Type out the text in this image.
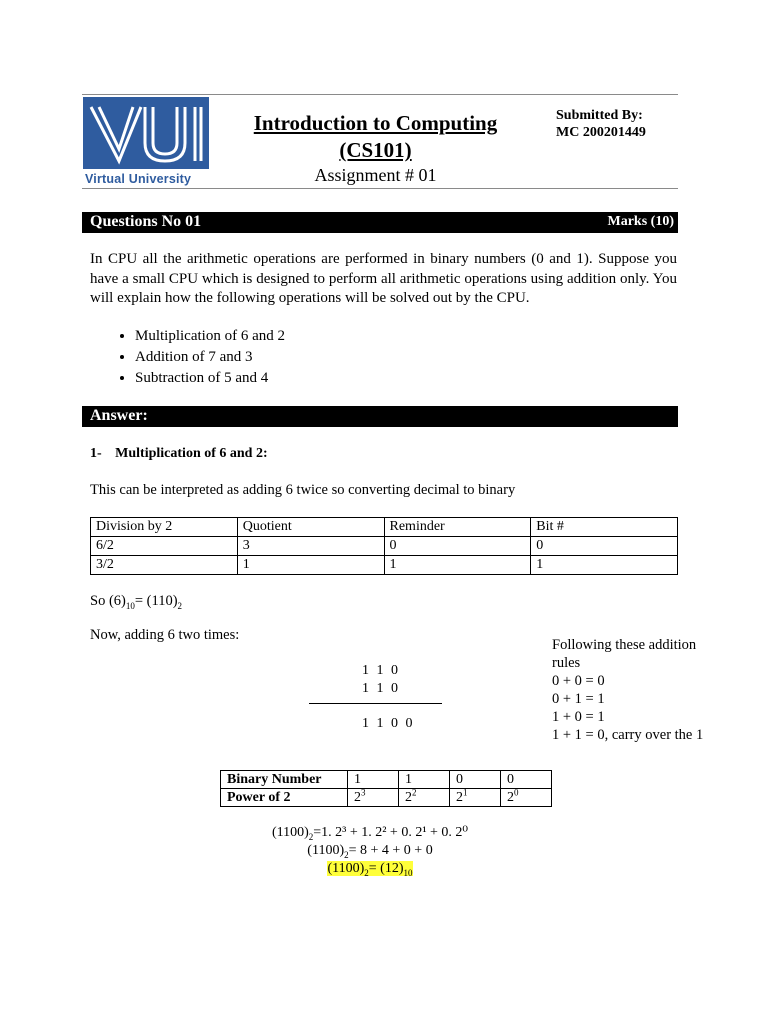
Virtual University
Introduction to Computing
(CS101)
Assignment # 01
Submitted By:
MC 200201449
Questions No 01	Marks (10)
In CPU all the arithmetic operations are performed in binary numbers (0 and 1). Suppose you have a small CPU which is designed to perform all arithmetic operations using addition only. You will explain how the following operations will be solved out by the CPU.
• Multiplication of 6 and 2
• Addition of 7 and 3
• Subtraction of 5 and 4
Answer:
1- Multiplication of 6 and 2:
This can be interpreted as adding 6 twice so converting decimal to binary
Division by 2	Quotient	Reminder	Bit #
6/2	3	0	0
3/2	1	1	1
So $(6)_{10}= (110)_2$
Now, adding 6 two times:
1 1 0
1 1 0
1 1 0 0
Following these addition rules
0 + 0 = 0
0 + 1 = 1
1 + 0 = 1
1 + 1 = 0, carry over the 1
Binary Number	1	1	0	0
Power of 2	$2^3$	$2^2$	$2^1$	$2^0$
$(1100)_2=1$. 2³ + 1. 2² + 0. 2¹ + 0. 2⁰
$(1100)_2= 8 + 4 + 0 + 0$
$(1100)_2= (12)_{10}$
